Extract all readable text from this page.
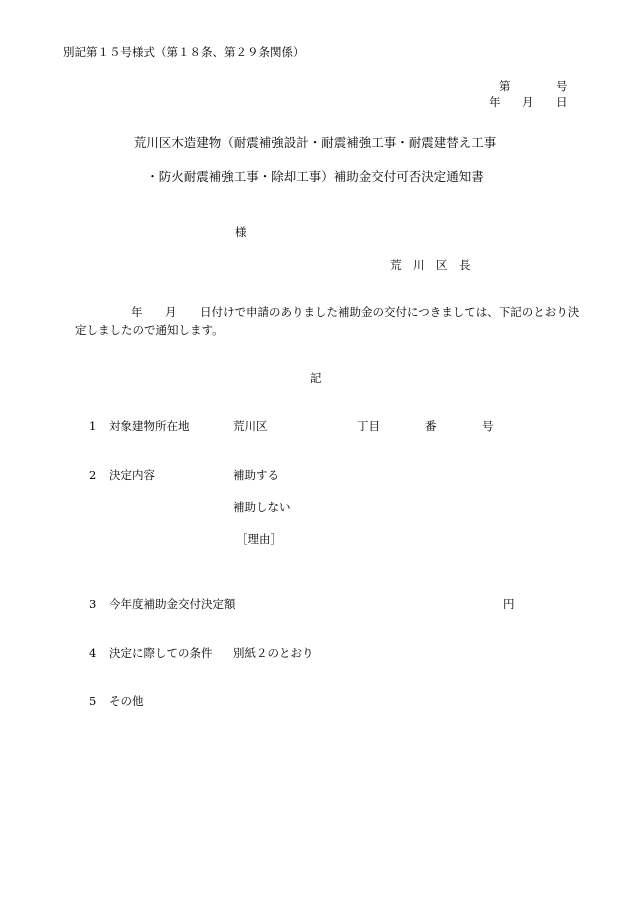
別記第１５号様式（第１８条、第２９条関係）
第	号
年 月 日
荒川区木造建物（耐震補強設計・耐震補強工事・耐震建替え工事
・防火耐震補強工事・除却工事）補助金交付可否決定通知書
様
荒　川　区　長
年 月 日付けで申請のありました補助金の交付につきましては、下記のとおり決
定しましたので通知します。
記
1 対象建物所在地	荒川区	丁目	番	号
2 決定内容	補助する
補助しない
［理由］
3 今年度補助金交付決定額	円
4 決定に際しての条件 別紙２のとおり
5 その他
